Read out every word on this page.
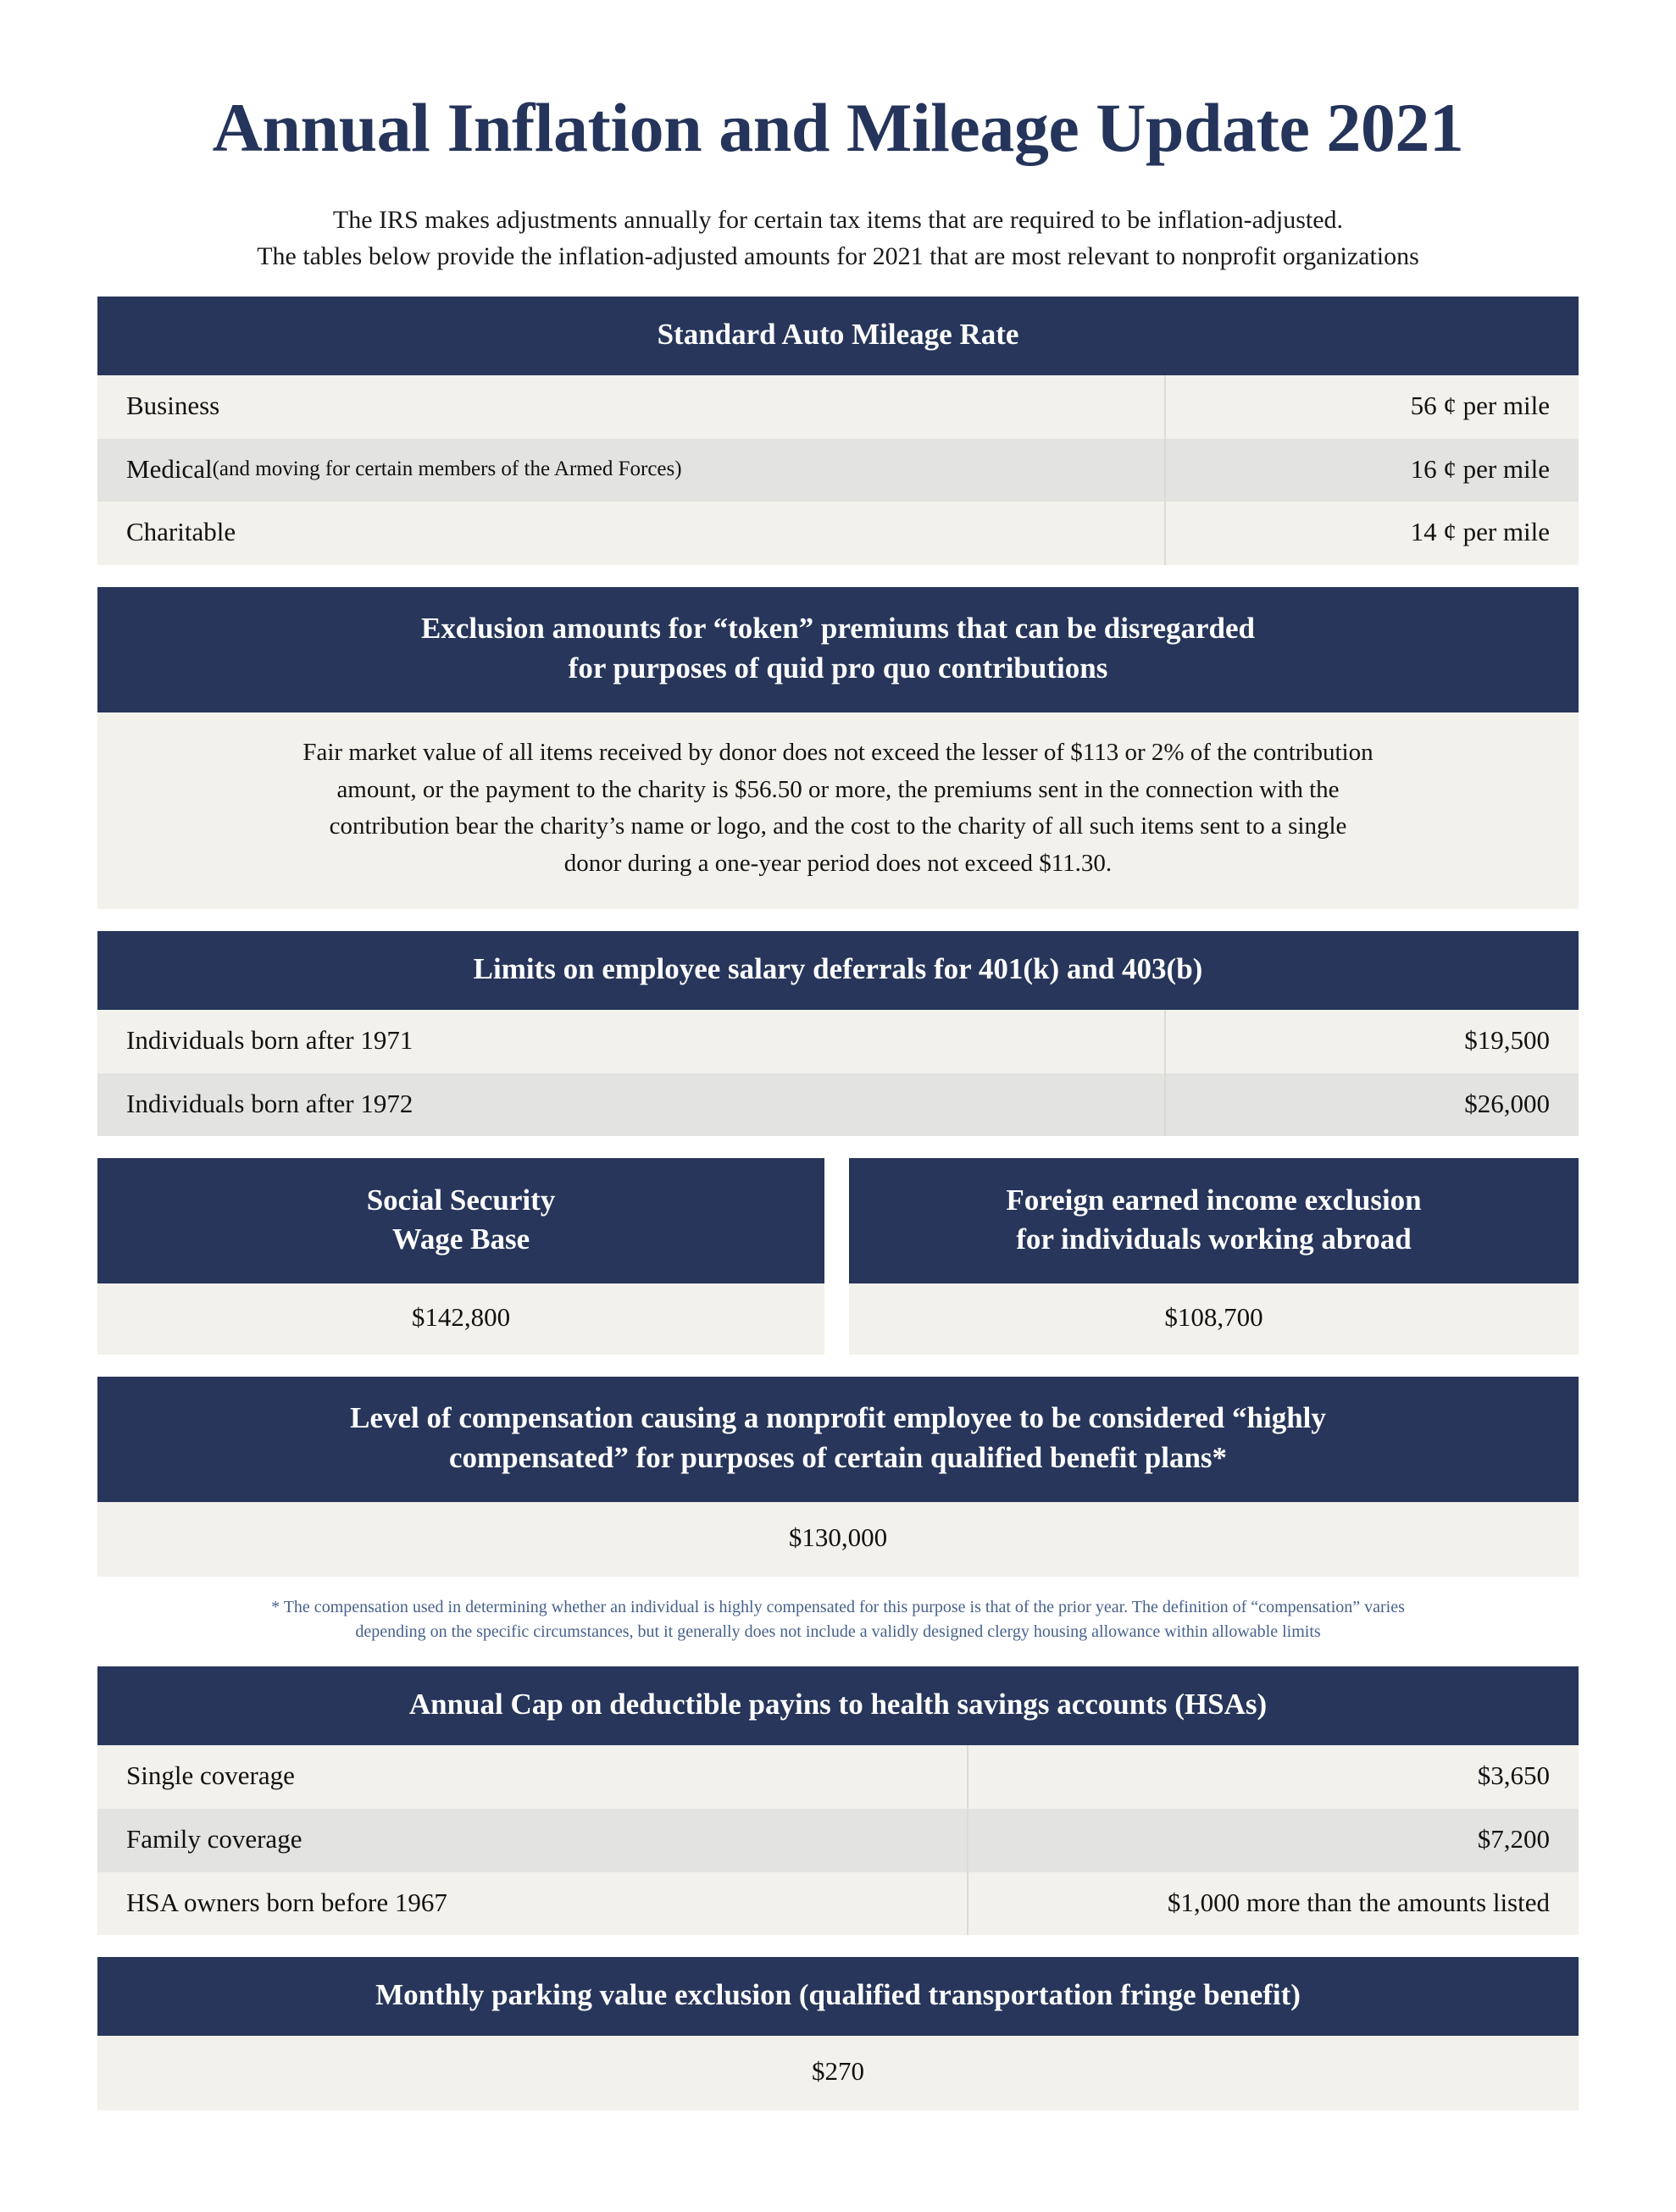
Annual Inflation and Mileage Update 2021
The IRS makes adjustments annually for certain tax items that are required to be inflation-adjusted.
The tables below provide the inflation-adjusted amounts for 2021 that are most relevant to nonprofit organizations
Standard Auto Mileage Rate
Business	56 ¢ per mile
Medical (and moving for certain members of the Armed Forces)	16 ¢ per mile
Charitable	14 ¢ per mile
Exclusion amounts for “token” premiums that can be disregarded
for purposes of quid pro quo contributions
Fair market value of all items received by donor does not exceed the lesser of $113 or 2% of the contribution
amount, or the payment to the charity is $56.50 or more, the premiums sent in the connection with the
contribution bear the charity’s name or logo, and the cost to the charity of all such items sent to a single
donor during a one-year period does not exceed $11.30.
Limits on employee salary deferrals for 401(k) and 403(b)
Individuals born after 1971	$19,500
Individuals born after 1972	$26,000
Social Security
Wage Base
$142,800
Foreign earned income exclusion
for individuals working abroad
$108,700
Level of compensation causing a nonprofit employee to be considered “highly
compensated” for purposes of certain qualified benefit plans*
$130,000
* The compensation used in determining whether an individual is highly compensated for this purpose is that of the prior year. The definition of “compensation” varies
depending on the specific circumstances, but it generally does not include a validly designed clergy housing allowance within allowable limits
Annual Cap on deductible payins to health savings accounts (HSAs)
Single coverage	$3,650
Family coverage	$7,200
HSA owners born before 1967	$1,000 more than the amounts listed
Monthly parking value exclusion (qualified transportation fringe benefit)
$270
